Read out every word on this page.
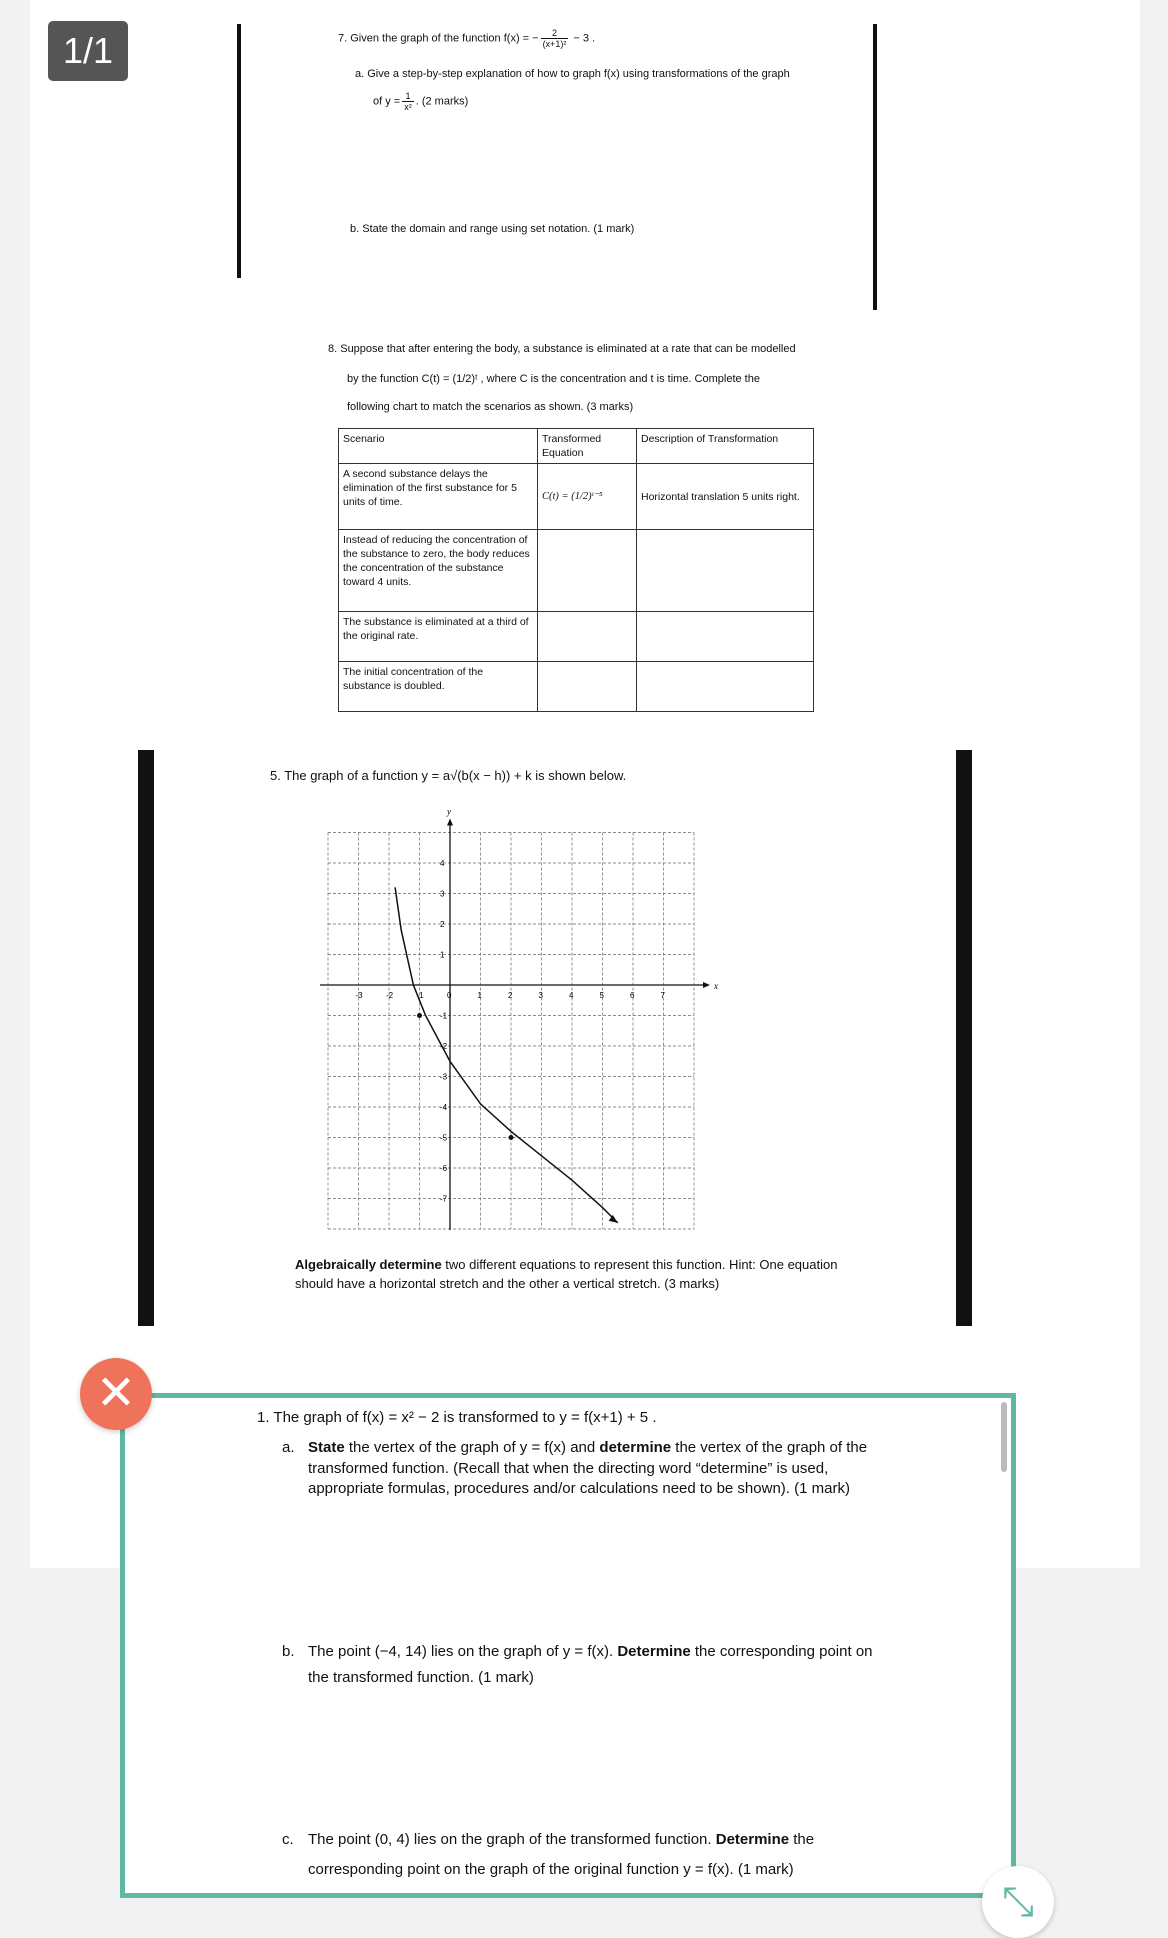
1/1	7. Given the graph of the function f(x) = − $\frac{2}{\text{(x+1)²}} - 3$ .
a. Give a step-by-step explanation of how to graph f(x) using transformations of the graph
of $y = \frac{1}{\text{x²}}$ . (2 marks)
b. State the domain and range using set notation. (1 mark)
8. Suppose that after entering the body, a substance is eliminated at a rate that can be modelled
by the function C(t) = (1/2)ᵗ , where C is the concentration and t is time. Complete the
following chart to match the scenarios as shown. (3 marks)
Scenario	Transformed Equation	Description of Transformation
A second substance delays the elimination of the first substance for 5 units of time.	C(t) = (1/2)ᵗ⁻⁵	Horizontal translation 5 units right.
Instead of reducing the concentration of the substance to zero, the body reduces the concentration of the substance toward 4 units.		
The substance is eliminated at a third of the original rate.		
The initial concentration of the substance is doubled.		
5. The graph of a function y = a√(b(x − h)) + k is shown below.
x
y
-3	-2	-1	0	1	2	3	4	5	6	7
4
3
2
1
-1
-2
-3
-4
-5
-6
-7
Algebraically determine two different equations to represent this function. Hint: One equation
should have a horizontal stretch and the other a vertical stretch. (3 marks)
1. The graph of f(x) = x² − 2 is transformed to y = f(x+1) + 5 .
a. State the vertex of the graph of y = f(x) and determine the vertex of the graph of the
transformed function. (Recall that when the directing word “determine” is used,
appropriate formulas, procedures and/or calculations need to be shown). (1 mark)
b. The point (−4, 14) lies on the graph of y = f(x). Determine the corresponding point on
the transformed function. (1 mark)
c. The point (0, 4) lies on the graph of the transformed function. Determine the
corresponding point on the graph of the original function y = f(x). (1 mark)
✕
⤡
